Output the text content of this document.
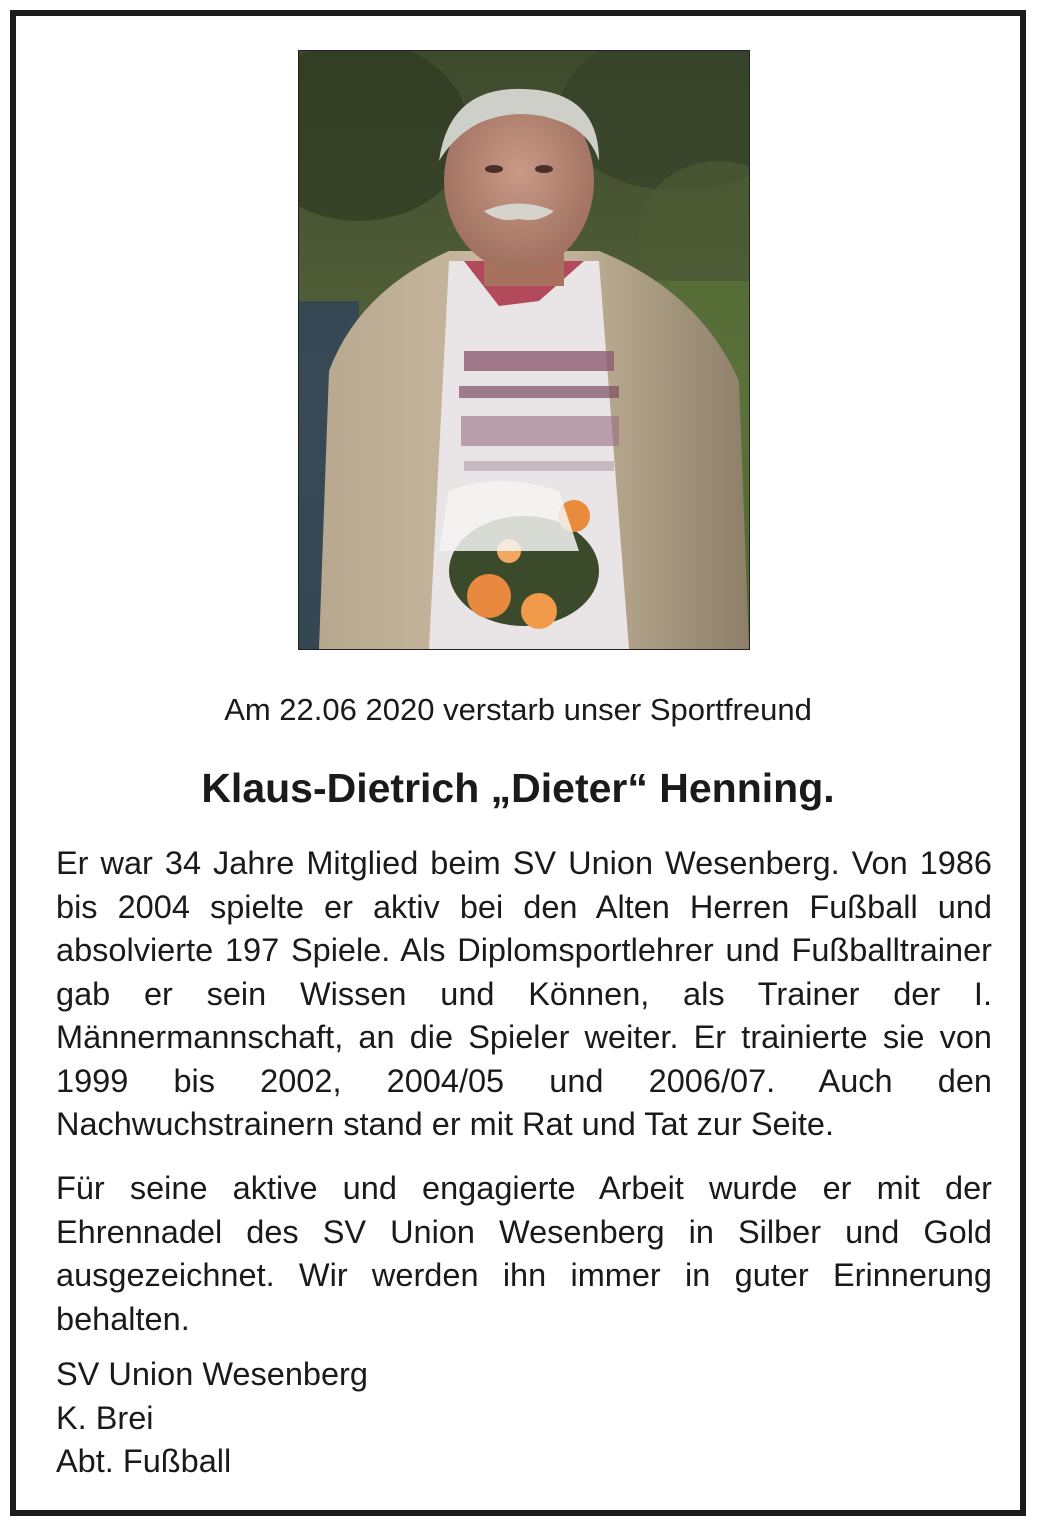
Am 22.06 2020 verstarb unser Sportfreund
Klaus-Dietrich „Dieter“ Henning.
Er war 34 Jahre Mitglied beim SV Union Wesenberg. Von 1986 bis 2004 spielte er aktiv bei den Alten Herren Fußball und absolvierte 197 Spiele. Als Diplomsportlehrer und Fußballtrainer gab er sein Wissen und Können, als Trainer der I. Männermannschaft, an die Spieler weiter. Er trainierte sie von 1999 bis 2002, 2004/05 und 2006/07. Auch den Nachwuchstrainern stand er mit Rat und Tat zur Seite.
Für seine aktive und engagierte Arbeit wurde er mit der Ehrennadel des SV Union Wesenberg in Silber und Gold ausgezeichnet. Wir werden ihn immer in guter Erinnerung behalten.
SV Union Wesenberg
K. Brei
Abt. Fußball
